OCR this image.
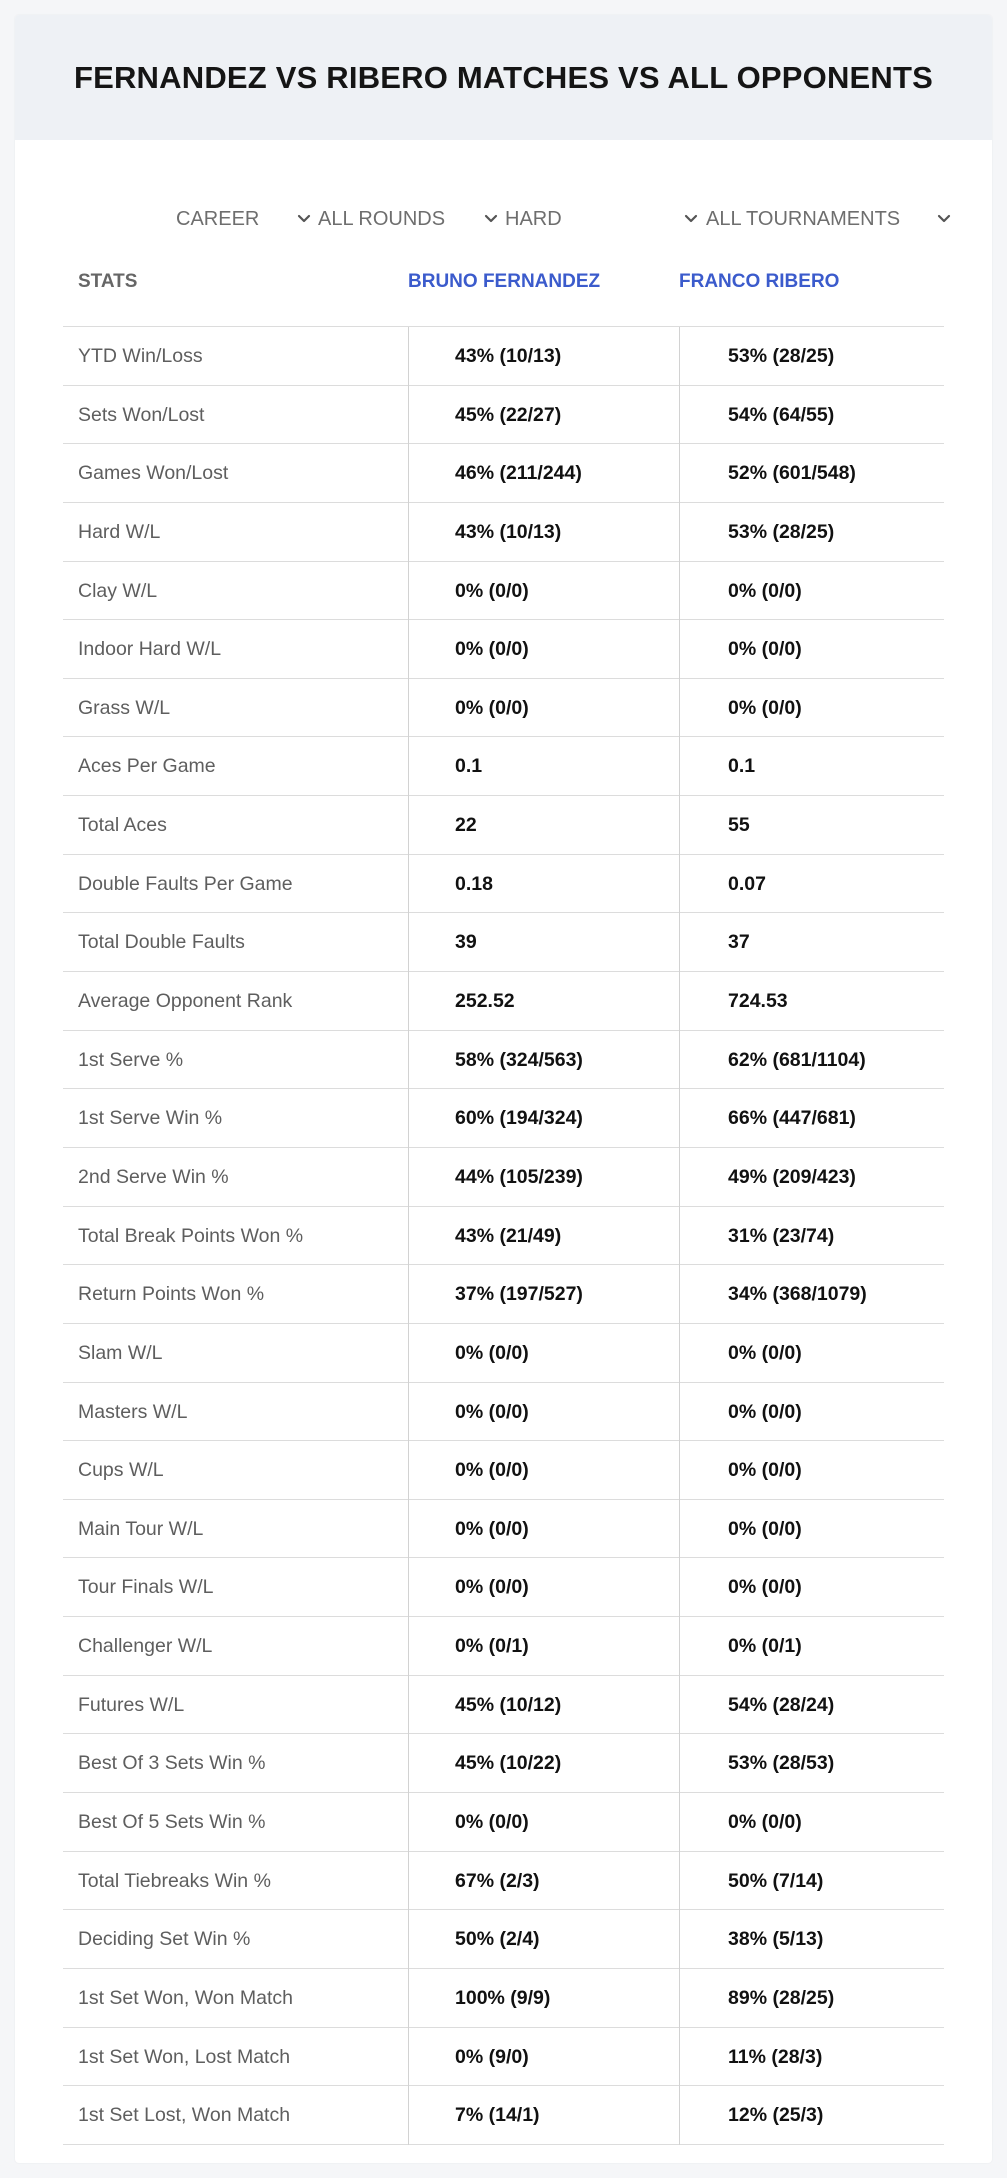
FERNANDEZ VS RIBERO MATCHES VS ALL OPPONENTS
CAREER	ALL ROUNDS	HARD	ALL TOURNAMENTS
STATS	BRUNO FERNANDEZ	FRANCO RIBERO
YTD Win/Loss	43% (10/13)	53% (28/25)
Sets Won/Lost	45% (22/27)	54% (64/55)
Games Won/Lost	46% (211/244)	52% (601/548)
Hard W/L	43% (10/13)	53% (28/25)
Clay W/L	0% (0/0)	0% (0/0)
Indoor Hard W/L	0% (0/0)	0% (0/0)
Grass W/L	0% (0/0)	0% (0/0)
Aces Per Game	0.1	0.1
Total Aces	22	55
Double Faults Per Game	0.18	0.07
Total Double Faults	39	37
Average Opponent Rank	252.52	724.53
1st Serve %	58% (324/563)	62% (681/1104)
1st Serve Win %	60% (194/324)	66% (447/681)
2nd Serve Win %	44% (105/239)	49% (209/423)
Total Break Points Won %	43% (21/49)	31% (23/74)
Return Points Won %	37% (197/527)	34% (368/1079)
Slam W/L	0% (0/0)	0% (0/0)
Masters W/L	0% (0/0)	0% (0/0)
Cups W/L	0% (0/0)	0% (0/0)
Main Tour W/L	0% (0/0)	0% (0/0)
Tour Finals W/L	0% (0/0)	0% (0/0)
Challenger W/L	0% (0/1)	0% (0/1)
Futures W/L	45% (10/12)	54% (28/24)
Best Of 3 Sets Win %	45% (10/22)	53% (28/53)
Best Of 5 Sets Win %	0% (0/0)	0% (0/0)
Total Tiebreaks Win %	67% (2/3)	50% (7/14)
Deciding Set Win %	50% (2/4)	38% (5/13)
1st Set Won, Won Match	100% (9/9)	89% (28/25)
1st Set Won, Lost Match	0% (9/0)	11% (28/3)
1st Set Lost, Won Match	7% (14/1)	12% (25/3)
